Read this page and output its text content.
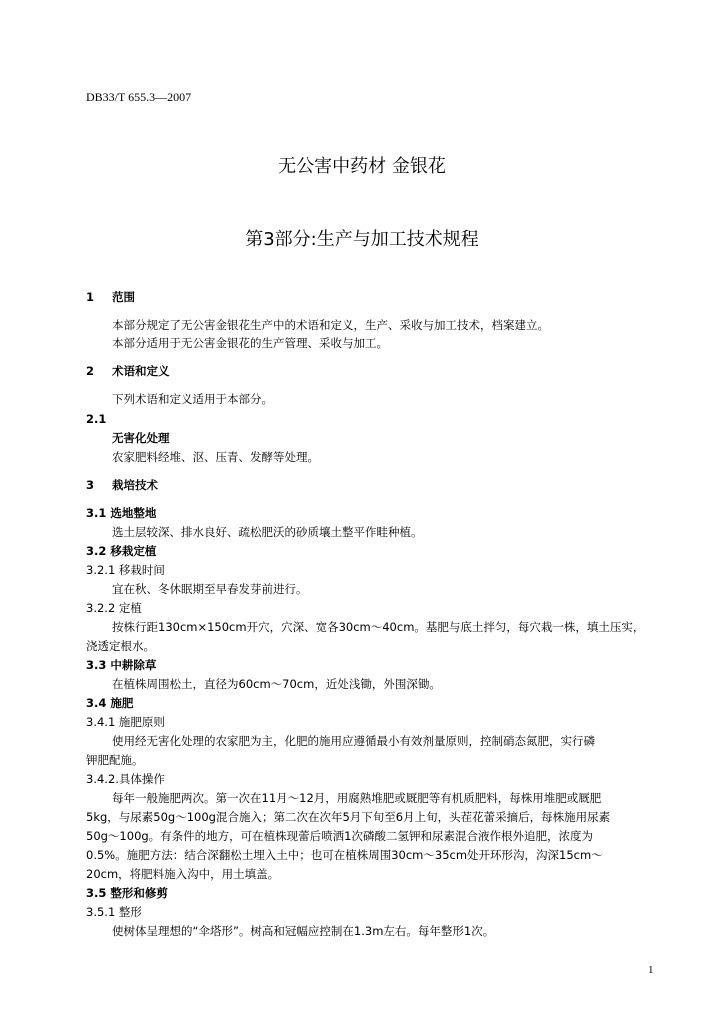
DB33/T 655.3—2007
无公害中药材 金银花
第3部分:生产与加工技术规程
1 范围
本部分规定了无公害金银花生产中的术语和定义，生产、采收与加工技术，档案建立。
本部分适用于无公害金银花的生产管理、采收与加工。
2 术语和定义
下列术语和定义适用于本部分。
2.1
无害化处理
农家肥料经堆、沤、压青、发酵等处理。
3 栽培技术
3.1 选地整地
选土层较深、排水良好、疏松肥沃的砂质壤土整平作畦种植。
3.2 移栽定植
3.2.1 移栽时间
宜在秋、冬休眠期至早春发芽前进行。
3.2.2 定植
按株行距130cm×150cm开穴，穴深、宽各30cm～40cm。基肥与底土拌匀，每穴栽一株，填土压实，
浇透定根水。
3.3 中耕除草
在植株周围松土，直径为60cm～70cm，近处浅锄，外围深锄。
3.4 施肥
3.4.1 施肥原则
使用经无害化处理的农家肥为主，化肥的施用应遵循最小有效剂量原则，控制硝态氮肥，实行磷
钾肥配施。
3.4.2.具体操作
每年一般施肥两次。第一次在11月～12月，用腐熟堆肥或厩肥等有机质肥料，每株用堆肥或厩肥
5kg，与尿素50g～100g混合施入；第二次在次年5月下旬至6月上旬，头茬花蕾采摘后，每株施用尿素
50g～100g。有条件的地方，可在植株现蕾后喷洒1次磷酸二氢钾和尿素混合液作根外追肥，浓度为
0.5%。施肥方法：结合深翻松土埋入土中；也可在植株周围30cm～35cm处开环形沟，沟深15cm～
20cm，将肥料施入沟中，用土填盖。
3.5 整形和修剪
3.5.1 整形
使树体呈理想的“伞塔形”。树高和冠幅应控制在1.3m左右。每年整形1次。
1
